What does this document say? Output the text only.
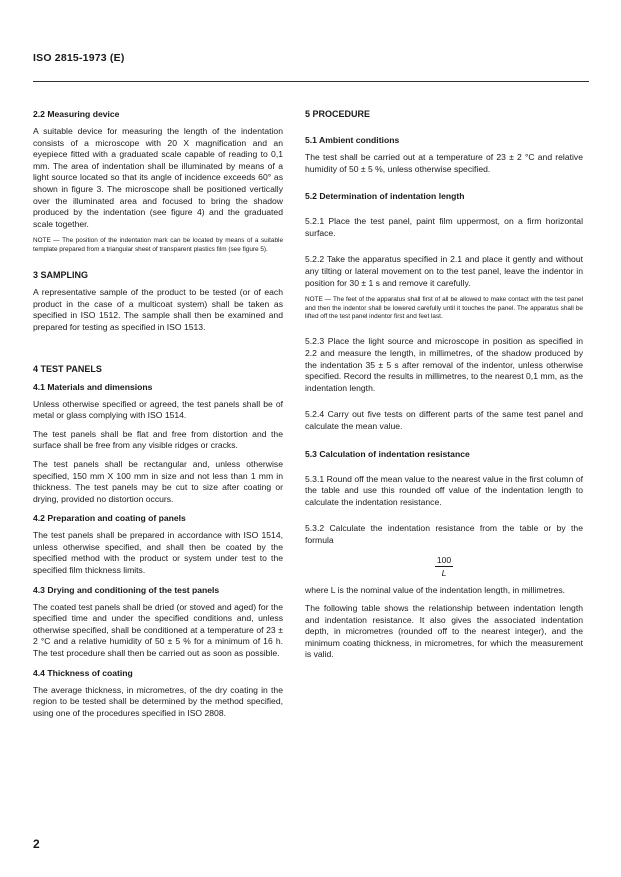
ISO 2815-1973 (E)
2.2 Measuring device

A suitable device for measuring the length of the indentation consists of a microscope with 20 X magnification and an eyepiece fitted with a graduated scale capable of reading to 0,1 mm. The area of indentation shall be illuminated by means of a light source located so that its angle of incidence exceeds 60° as shown in figure 3. The microscope shall be positioned vertically over the illuminated area and focused to bring the shadow produced by the indentation (see figure 4) and the graduated scale together.

NOTE — The position of the indentation mark can be located by means of a suitable template prepared from a triangular sheet of transparent plastics film (see figure 5).

3 SAMPLING

A representative sample of the product to be tested (or of each product in the case of a multicoat system) shall be taken as specified in ISO 1512. The sample shall then be examined and prepared for testing as specified in ISO 1513.

4 TEST PANELS
4.1 Materials and dimensions

Unless otherwise specified or agreed, the test panels shall be of metal or glass complying with ISO 1514.

The test panels shall be flat and free from distortion and the surface shall be free from any visible ridges or cracks.

The test panels shall be rectangular and, unless otherwise specified, 150 mm X 100 mm in size and not less than 1 mm in thickness. The test panels may be cut to size after coating or drying, provided no distortion occurs.

4.2 Preparation and coating of panels

The test panels shall be prepared in accordance with ISO 1514, unless otherwise specified, and shall then be coated by the specified method with the product or system under test to the specified film thickness limits.

4.3 Drying and conditioning of the test panels

The coated test panels shall be dried (or stoved and aged) for the specified time and under the specified conditions and, unless otherwise specified, shall be conditioned at a temperature of 23 ± 2 °C and a relative humidity of 50 ± 5 % for a minimum of 16 h. The test procedure shall then be carried out as soon as possible.

4.4 Thickness of coating

The average thickness, in micrometres, of the dry coating in the region to be tested shall be determined by the method specified, using one of the procedures specified in ISO 2808.

5 PROCEDURE
5.1 Ambient conditions

The test shall be carried out at a temperature of 23 ± 2 °C and relative humidity of 50 ± 5 %, unless otherwise specified.

5.2 Determination of indentation length

5.2.1 Place the test panel, paint film uppermost, on a firm horizontal surface.

5.2.2 Take the apparatus specified in 2.1 and place it gently and without any tilting or lateral movement on to the test panel, leave the indentor in position for 30 ± 1 s and remove it carefully.

NOTE — The feet of the apparatus shall first of all be allowed to make contact with the test panel and then the indentor shall be lowered carefully until it touches the panel. The apparatus shall be lifted off the test panel indentor first and feet last.

5.2.3 Place the light source and microscope in position as specified in 2.2 and measure the length, in millimetres, of the shadow produced by the indentation 35 ± 5 s after removal of the indentor, unless otherwise specified. Record the results in millimetres, to the nearest 0,1 mm, as the indentation length.

5.2.4 Carry out five tests on different parts of the same test panel and calculate the mean value.

5.3 Calculation of indentation resistance

5.3.1 Round off the mean value to the nearest value in the first column of the table and use this rounded off value of the indentation length to calculate the indentation resistance.

5.3.2 Calculate the indentation resistance from the table or by the formula

$\frac{100}{L}$

where L is the nominal value of the indentation length, in millimetres.

The following table shows the relationship between indentation length and indentation resistance. It also gives the associated indentation depth, in micrometres (rounded off to the nearest integer), and the minimum coating thickness, in micrometres, for which the measurement is valid.

2
